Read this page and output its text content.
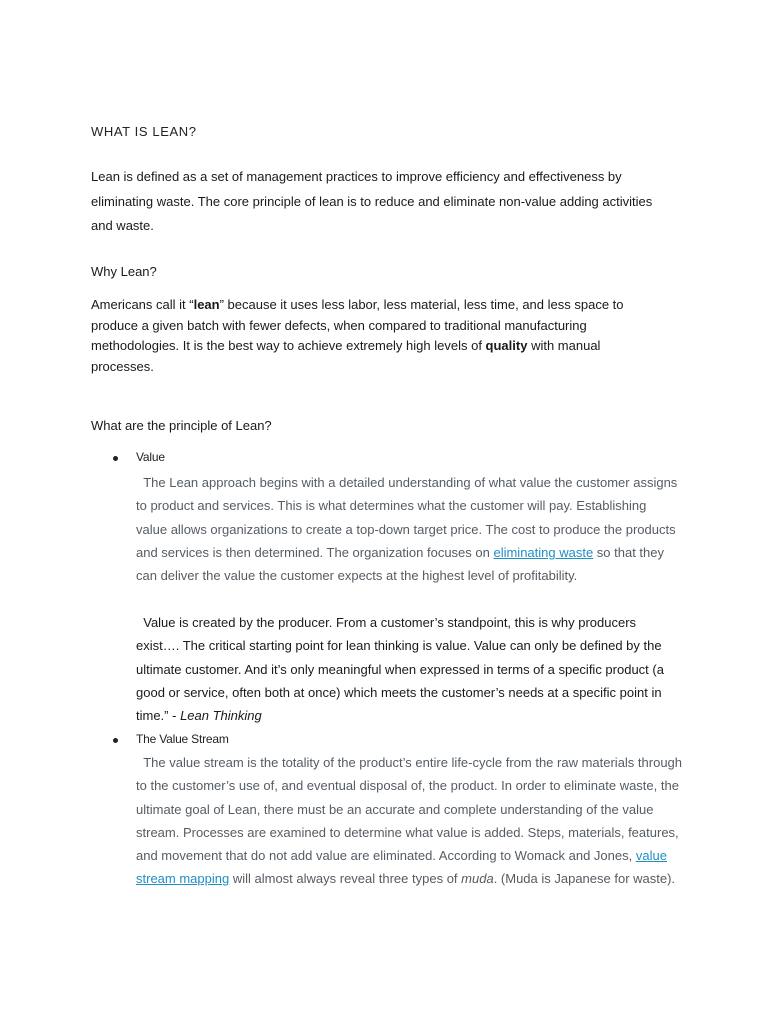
WHAT IS LEAN?

Lean is defined as a set of management practices to improve efficiency and effectiveness by eliminating waste. The core principle of lean is to reduce and eliminate non-value adding activities and waste.

Why Lean?

Americans call it “lean” because it uses less labor, less material, less time, and less space to produce a given batch with fewer defects, when compared to traditional manufacturing methodologies. It is the best way to achieve extremely high levels of quality with manual processes.

What are the principle of Lean?
Value

The Lean approach begins with a detailed understanding of what value the customer assigns to product and services. This is what determines what the customer will pay. Establishing value allows organizations to create a top-down target price. The cost to produce the products and services is then determined. The organization focuses on eliminating waste so that they can deliver the value the customer expects at the highest level of profitability.

Value is created by the producer. From a customer’s standpoint, this is why producers exist…. The critical starting point for lean thinking is value. Value can only be defined by the ultimate customer. And it’s only meaningful when expressed in terms of a specific product (a good or service, often both at once) which meets the customer’s needs at a specific point in time.” - Lean Thinking

The Value Stream

The value stream is the totality of the product’s entire life-cycle from the raw materials through to the customer’s use of, and eventual disposal of, the product. In order to eliminate waste, the ultimate goal of Lean, there must be an accurate and complete understanding of the value stream. Processes are examined to determine what value is added. Steps, materials, features, and movement that do not add value are eliminated. According to Womack and Jones, value stream mapping will almost always reveal three types of muda. (Muda is Japanese for waste).
